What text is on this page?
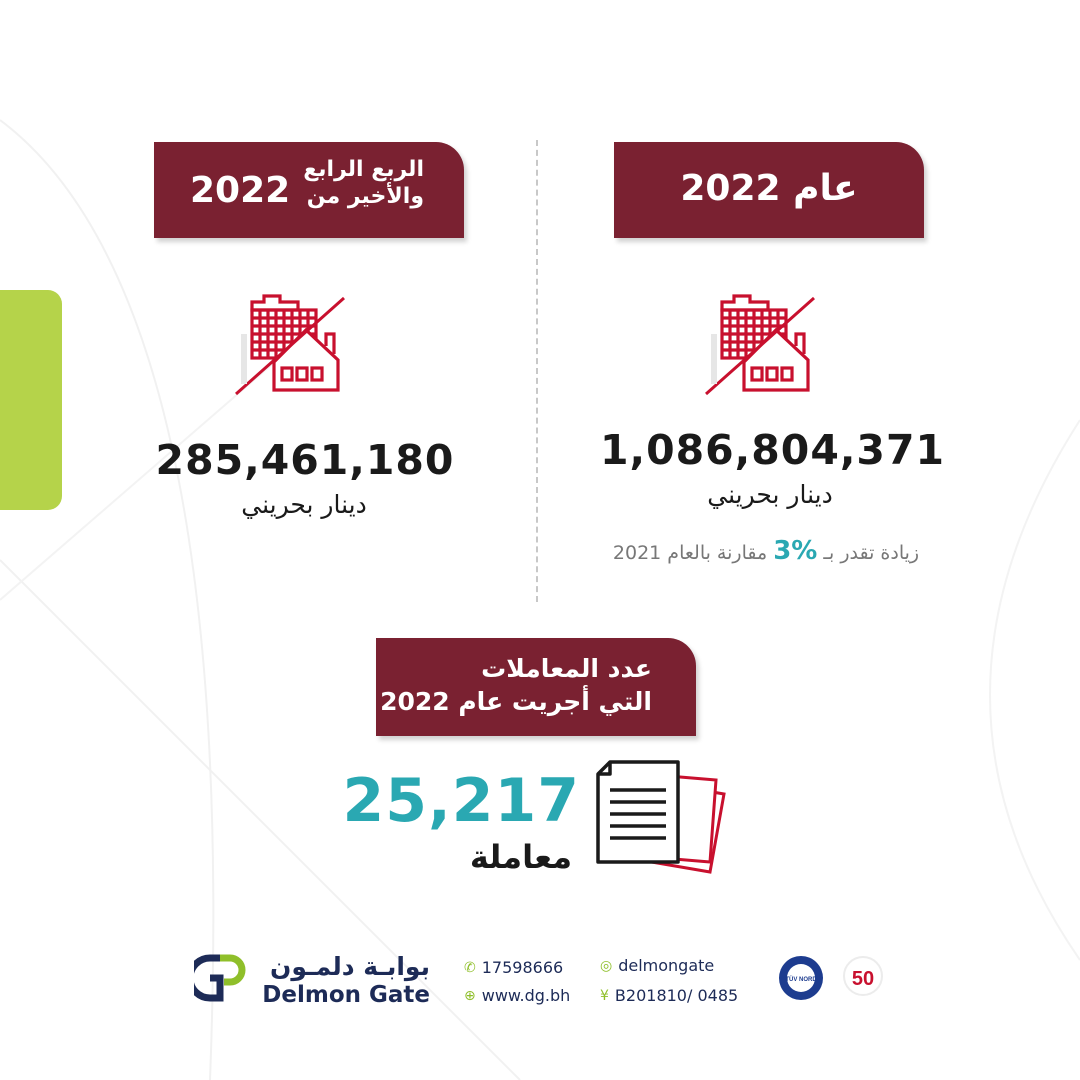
عام 2022
1,086,804,371
دينار بحريني
زيادة تقدر بـ 3% مقارنة بالعام 2021
2022
الربع الرابع
والأخير من
285,461,180
دينار بحريني
عدد المعاملات
التي أجريت عام 2022
25,217
معاملة
بوابـة دلمـون
Delmon Gate
✆ 17598666
⊕ www.dg.bh
◎ delmongate
¥ B201810/ 0485
TÜV NORD 50
